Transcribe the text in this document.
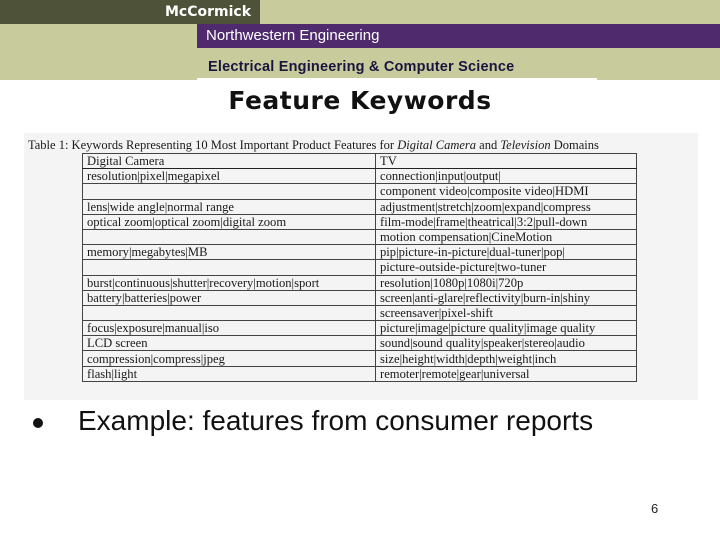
McCormick
Northwestern Engineering
Electrical Engineering & Computer Science
Feature Keywords
Table 1: Keywords Representing 10 Most Important Product Features for Digital Camera and Television Domains
Digital Camera	TV
resolution|pixel|megapixel	connection|input|output|
	component video|composite video|HDMI
lens|wide angle|normal range	adjustment|stretch|zoom|expand|compress
optical zoom|optical zoom|digital zoom	film-mode|frame|theatrical|3:2|pull-down
	motion compensation|CineMotion
memory|megabytes|MB	pip|picture-in-picture|dual-tuner|pop|
	picture-outside-picture|two-tuner
burst|continuous|shutter|recovery|motion|sport	resolution|1080p|1080i|720p
battery|batteries|power	screen|anti-glare|reflectivity|burn-in|shiny
	screensaver|pixel-shift
focus|exposure|manual|iso	picture|image|picture quality|image quality
LCD screen	sound|sound quality|speaker|stereo|audio
compression|compress|jpeg	size|height|width|depth|weight|inch
flash|light	remoter|remote|gear|universal
Example: features from consumer reports
6
